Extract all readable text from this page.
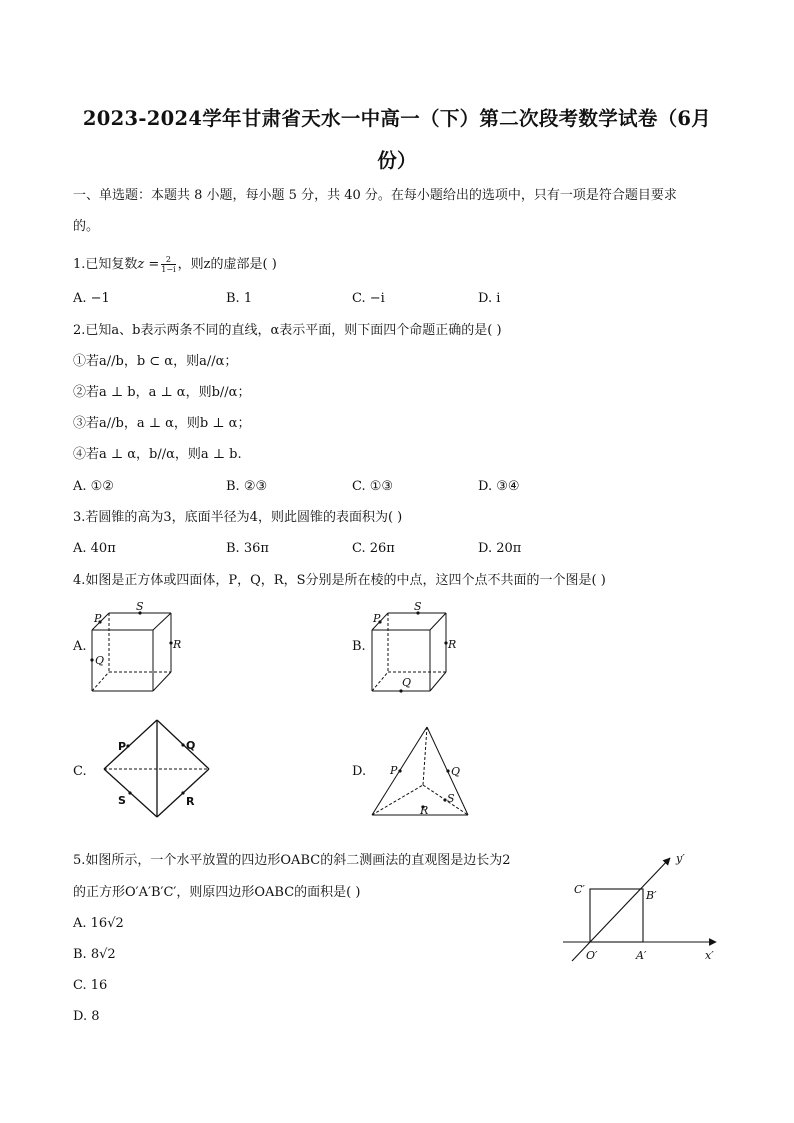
2023-2024学年甘肃省天水一中高一（下）第二次段考数学试卷（6月
份）
一、单选题：本题共 8 小题，每小题 5 分，共 40 分。在每小题给出的选项中，只有一项是符合题目要求
的。
1.已知复数$z = \frac{2}{1-i}$ ，则z的虚部是( )
A. −1	B. 1	C. −i	D. i
2.已知a、b表示两条不同的直线，α表示平面，则下面四个命题正确的是( )
①若a//b，b ⊂ α，则a//α；
②若a ⊥ b，a ⊥ α，则b//α；
③若a//b，a ⊥ α，则b ⊥ α；
④若a ⊥ α，b//α，则a ⊥ b.
A. ①②	B. ②③	C. ①③	D. ③④
3.若圆锥的高为3，底面半径为4，则此圆锥的表面积为( )
A. 40π	B. 36π	C. 26π	D. 20π
4.如图是正方体或四面体，P，Q，R，S分别是所在棱的中点，这四个点不共面的一个图是( )
A.
P
S
R
Q
B.
P
S
R
Q
C.
P	Q
S	R
D. P	Q
S
R
5.如图所示，一个水平放置的四边形OABC的斜二测画法的直观图是边长为2
的正方形O′A′B′C′，则原四边形OABC的面积是( )
A. 16√2
B. 8√2
C. 16
D. 8
C′	B′
O′	A′	x′
y′
